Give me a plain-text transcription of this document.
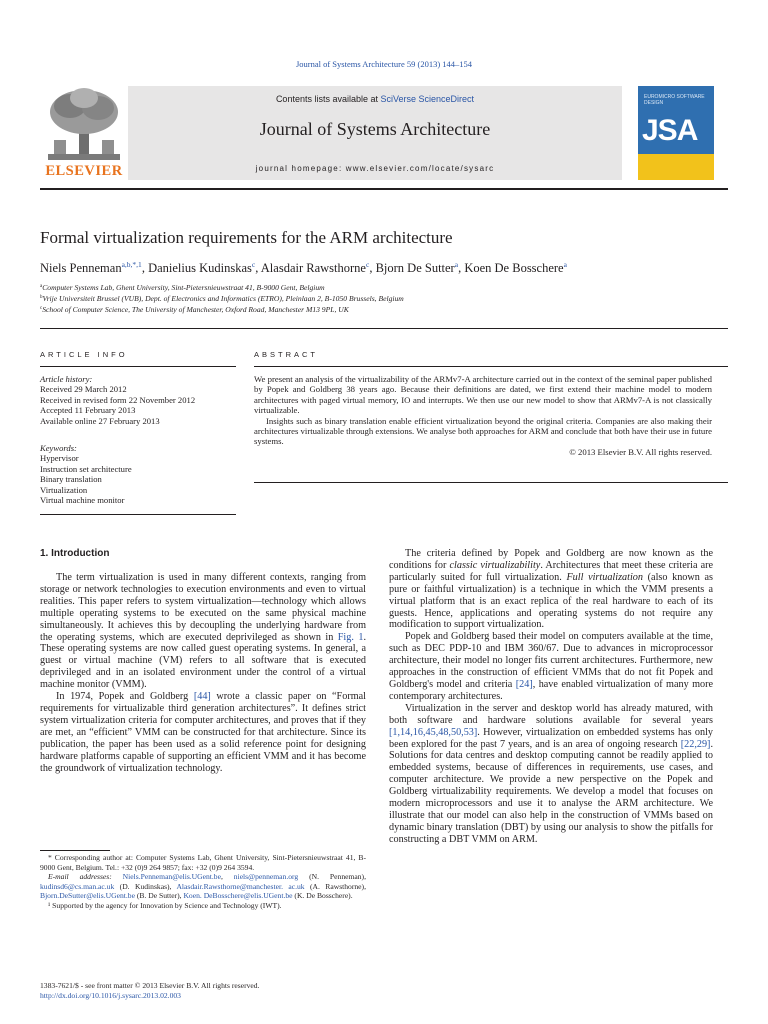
Journal of Systems Architecture 59 (2013) 144–154
ELSEVIER
Contents lists available at SciVerse ScienceDirect
Journal of Systems Architecture
journal homepage: www.elsevier.com/locate/sysarc
EUROMICRO SOFTWARE DESIGN
JSA
Formal virtualization requirements for the ARM architecture
Niels Penneman$^{a,b,*,1}$, Danielius Kudinskas$^c$, Alasdair Rawsthorne$^c$, Bjorn De Sutter$^a$, Koen De Bosschere$^a$
$^a$Computer Systems Lab, Ghent University, Sint-Pietersnieuwstraat 41, B-9000 Gent, Belgium
$^b$Vrije Universiteit Brussel (VUB), Dept. of Electronics and Informatics (ETRO), Pleinlaan 2, B-1050 Brussels, Belgium
$^c$School of Computer Science, The University of Manchester, Oxford Road, Manchester M13 9PL, UK
ARTICLE INFO	ABSTRACT
Article history:
Received 29 March 2012
Received in revised form 22 November 2012
Accepted 11 February 2013
Available online 27 February 2013
Keywords:
Hypervisor
Instruction set architecture
Binary translation
Virtualization
Virtual machine monitor

We present an analysis of the virtualizability of the ARMv7-A architecture carried out in the context of the seminal paper published by Popek and Goldberg 38 years ago. Because their definitions are dated, we first extend their machine model to modern architectures with paged virtual memory, IO and interrupts. We then use our new model to show that ARMv7-A is not classically virtualizable.

Insights such as binary translation enable efficient virtualization beyond the original criteria. Companies are also making their architectures virtualizable through extensions. We analyse both approaches for ARM and conclude that both have their use in future systems.

© 2013 Elsevier B.V. All rights reserved.

1. Introduction

The term virtualization is used in many different contexts, ranging from storage or network technologies to execution environments and even to virtual realities. This paper refers to system virtualization—technology which allows multiple operating systems to be executed on the same physical machine simultaneously. It achieves this by decoupling the underlying hardware from the operating systems, which are executed deprivileged as shown in Fig. 1. These operating systems are now called guest operating systems. In general, a guest or virtual machine (VM) refers to all software that is executed deprivileged and in an isolated environment under the control of a virtual machine monitor (VMM).

In 1974, Popek and Goldberg [44] wrote a classic paper on “Formal requirements for virtualizable third generation architectures”. It defines strict system virtualization criteria for computer architectures, and proves that if they are met, an “efficient” VMM can be constructed for that architecture. Since its publication, the paper has been used as a solid reference point for designing hardware platforms capable of supporting an efficient VMM and it has become the groundwork of virtualization technology.

The criteria defined by Popek and Goldberg are now known as the conditions for classic virtualizability. Architectures that meet these criteria are particularly suited for full virtualization. Full virtualization (also known as pure or faithful virtualization) is a technique in which the VMM presents a virtual platform that is an exact replica of the real hardware to each of its guests. Hence, applications and operating systems do not require any modification to support virtualization.

Popek and Goldberg based their model on computers available at the time, such as DEC PDP-10 and IBM 360/67. Due to advances in microprocessor architecture, their model no longer fits current architectures. Furthermore, new approaches in the construction of efficient VMMs that do not fit Popek and Goldberg's model and criteria [24], have enabled virtualization of many more contemporary architectures.

Virtualization in the server and desktop world has already matured, with both software and hardware solutions available for several years [1,14,16,45,48,50,53]. However, virtualization on embedded systems has only been explored for the past 7 years, and is an area of ongoing research [22,29]. Solutions for data centres and desktop computing cannot be readily applied to embedded systems, because of differences in requirements, use cases, and computer architecture. We provide a new perspective on the Popek and Goldberg virtualizability requirements. We develop a model that focuses on modern microprocessors and use it to analyse the ARM architecture. We illustrate that our model can also help in the construction of VMMs based on dynamic binary translation (DBT) by using our analysis to show the pitfalls for constructing a DBT VMM on ARM.

* Corresponding author at: Computer Systems Lab, Ghent University, Sint-Pietersnieuwstraat 41, B-9000 Gent, Belgium. Tel.: +32 (0)9 264 9857; fax: +32 (0)9 264 3594.

E-mail addresses: Niels.Penneman@elis.UGent.be, niels@penneman.org (N. Penneman), kudinsd6@cs.man.ac.uk (D. Kudinskas), Alasdair.Rawsthorne@manchester. ac.uk (A. Rawsthorne), Bjorn.DeSutter@elis.UGent.be (B. De Sutter), Koen. DeBosschere@elis.UGent.be (K. De Bosschere).

¹ Supported by the agency for Innovation by Science and Technology (IWT).

1383-7621/$ - see front matter © 2013 Elsevier B.V. All rights reserved.
http://dx.doi.org/10.1016/j.sysarc.2013.02.003
